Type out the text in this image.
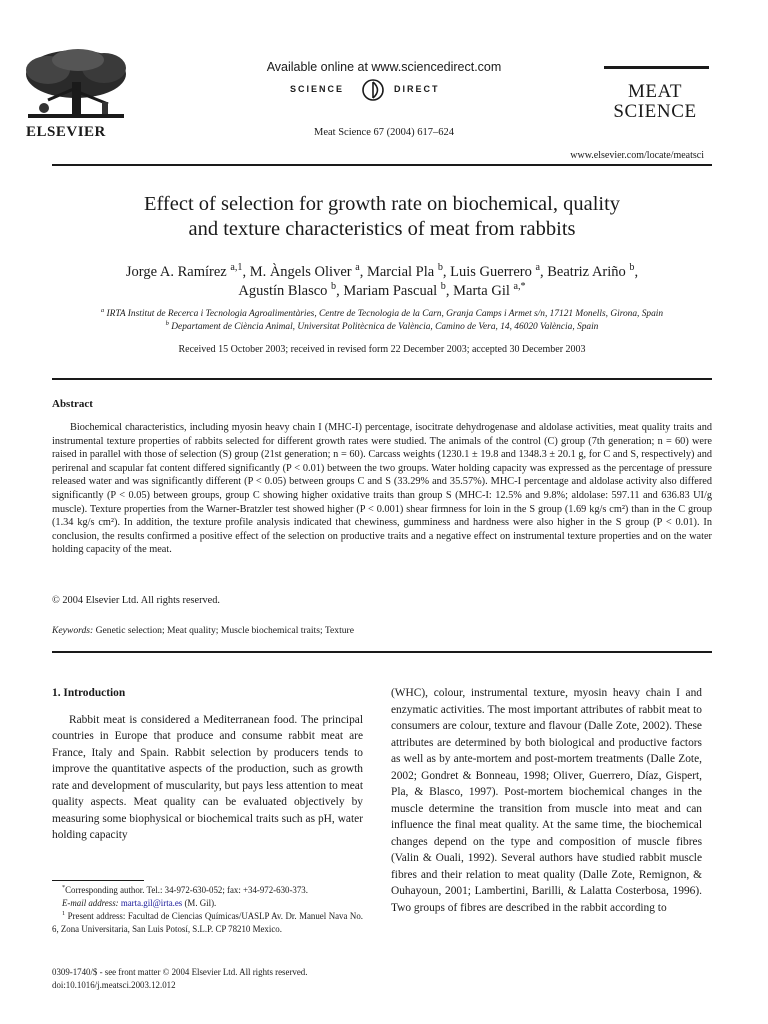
ELSEVIER
Available online at www.sciencedirect.com
SCIENCE	DIRECT
Meat Science 67 (2004) 617–624
MEAT
SCIENCE
www.elsevier.com/locate/meatsci
Effect of selection for growth rate on biochemical, quality
and texture characteristics of meat from rabbits
Jorge A. Ramírez $^{a,1}$, M. Àngels Oliver $^a$, Marcial Pla $^b$, Luis Guerrero $^a$, Beatriz Ariño $^b$,
Agustín Blasco $^b$, Mariam Pascual $^b$, Marta Gil $^{a,*}$
$^a$ IRTA Institut de Recerca i Tecnologia Agroalimentàries, Centre de Tecnologia de la Carn, Granja Camps i Armet s/n, 17121 Monells, Girona, Spain
$^b$ Departament de Ciència Animal, Universitat Politècnica de València, Camino de Vera, 14, 46020 València, Spain
Received 15 October 2003; received in revised form 22 December 2003; accepted 30 December 2003
Abstract
Biochemical characteristics, including myosin heavy chain I (MHC-I) percentage, isocitrate dehydrogenase and aldolase activities, meat quality traits and instrumental texture properties of rabbits selected for different growth rates were studied. The animals of the control (C) group (7th generation; n = 60) were raised in parallel with those of selection (S) group (21st generation; n = 60). Carcass weights (1230.1 ± 19.8 and 1348.3 ± 20.1 g, for C and S, respectively) and perirenal and scapular fat content differed significantly (P < 0.01) between the two groups. Water holding capacity was expressed as the percentage of pressure released water and was significantly different (P < 0.05) between groups C and S (33.29% and 35.57%). MHC-I percentage and aldolase activity also differed significantly (P < 0.05) between groups, group C showing higher oxidative traits than group S (MHC-I: 12.5% and 9.8%; aldolase: 597.11 and 636.83 UI/g muscle). Texture properties from the Warner-Bratzler test showed higher (P < 0.001) shear firmness for loin in the S group (1.69 kg/s cm²) than in the C group (1.34 kg/s cm²). In addition, the texture profile analysis indicated that chewiness, gumminess and hardness were also higher in the S group (P < 0.01). In conclusion, the results confirmed a positive effect of the selection on productive traits and a negative effect on instrumental texture properties and on the water holding capacity of the meat.
© 2004 Elsevier Ltd. All rights reserved.
Keywords: Genetic selection; Meat quality; Muscle biochemical traits; Texture
1. Introduction

Rabbit meat is considered a Mediterranean food. The principal countries in Europe that produce and consume rabbit meat are France, Italy and Spain. Rabbit selection by producers tends to improve the quantitative aspects of the production, such as growth rate and development of muscularity, but pays less attention to meat quality aspects. Meat quality can be evaluated objectively by measuring some biophysical or biochemical traits such as pH, water holding capacity

(WHC), colour, instrumental texture, myosin heavy chain I and enzymatic activities. The most important attributes of rabbit meat to consumers are colour, texture and flavour (Dalle Zote, 2002). These attributes are determined by both biological and productive factors as well as by ante-mortem and post-mortem treatments (Dalle Zote, 2002; Gondret & Bonneau, 1998; Oliver, Guerrero, Díaz, Gispert, Pla, & Blasco, 1997). Post-mortem biochemical changes in the muscle determine the transition from muscle into meat and can influence the final meat quality. At the same time, the biochemical changes depend on the type and composition of muscle fibres (Valin & Ouali, 1992). Several authors have studied rabbit muscle fibres and their relation to meat quality (Dalle Zote, Remignon, & Ouhayoun, 2001; Lambertini, Barilli, & Lalatta Costerbosa, 1996). Two groups of fibres are described in the rabbit according to

*Corresponding author. Tel.: 34-972-630-052; fax: +34-972-630-373.

E-mail address: marta.gil@irta.es (M. Gil).

$^1$ Present address: Facultad de Ciencias Químicas/UASLP Av. Dr. Manuel Nava No. 6, Zona Universitaria, San Luis Potosí, S.L.P. CP 78210 Mexico.

0309-1740/$ - see front matter © 2004 Elsevier Ltd. All rights reserved.
doi:10.1016/j.meatsci.2003.12.012
